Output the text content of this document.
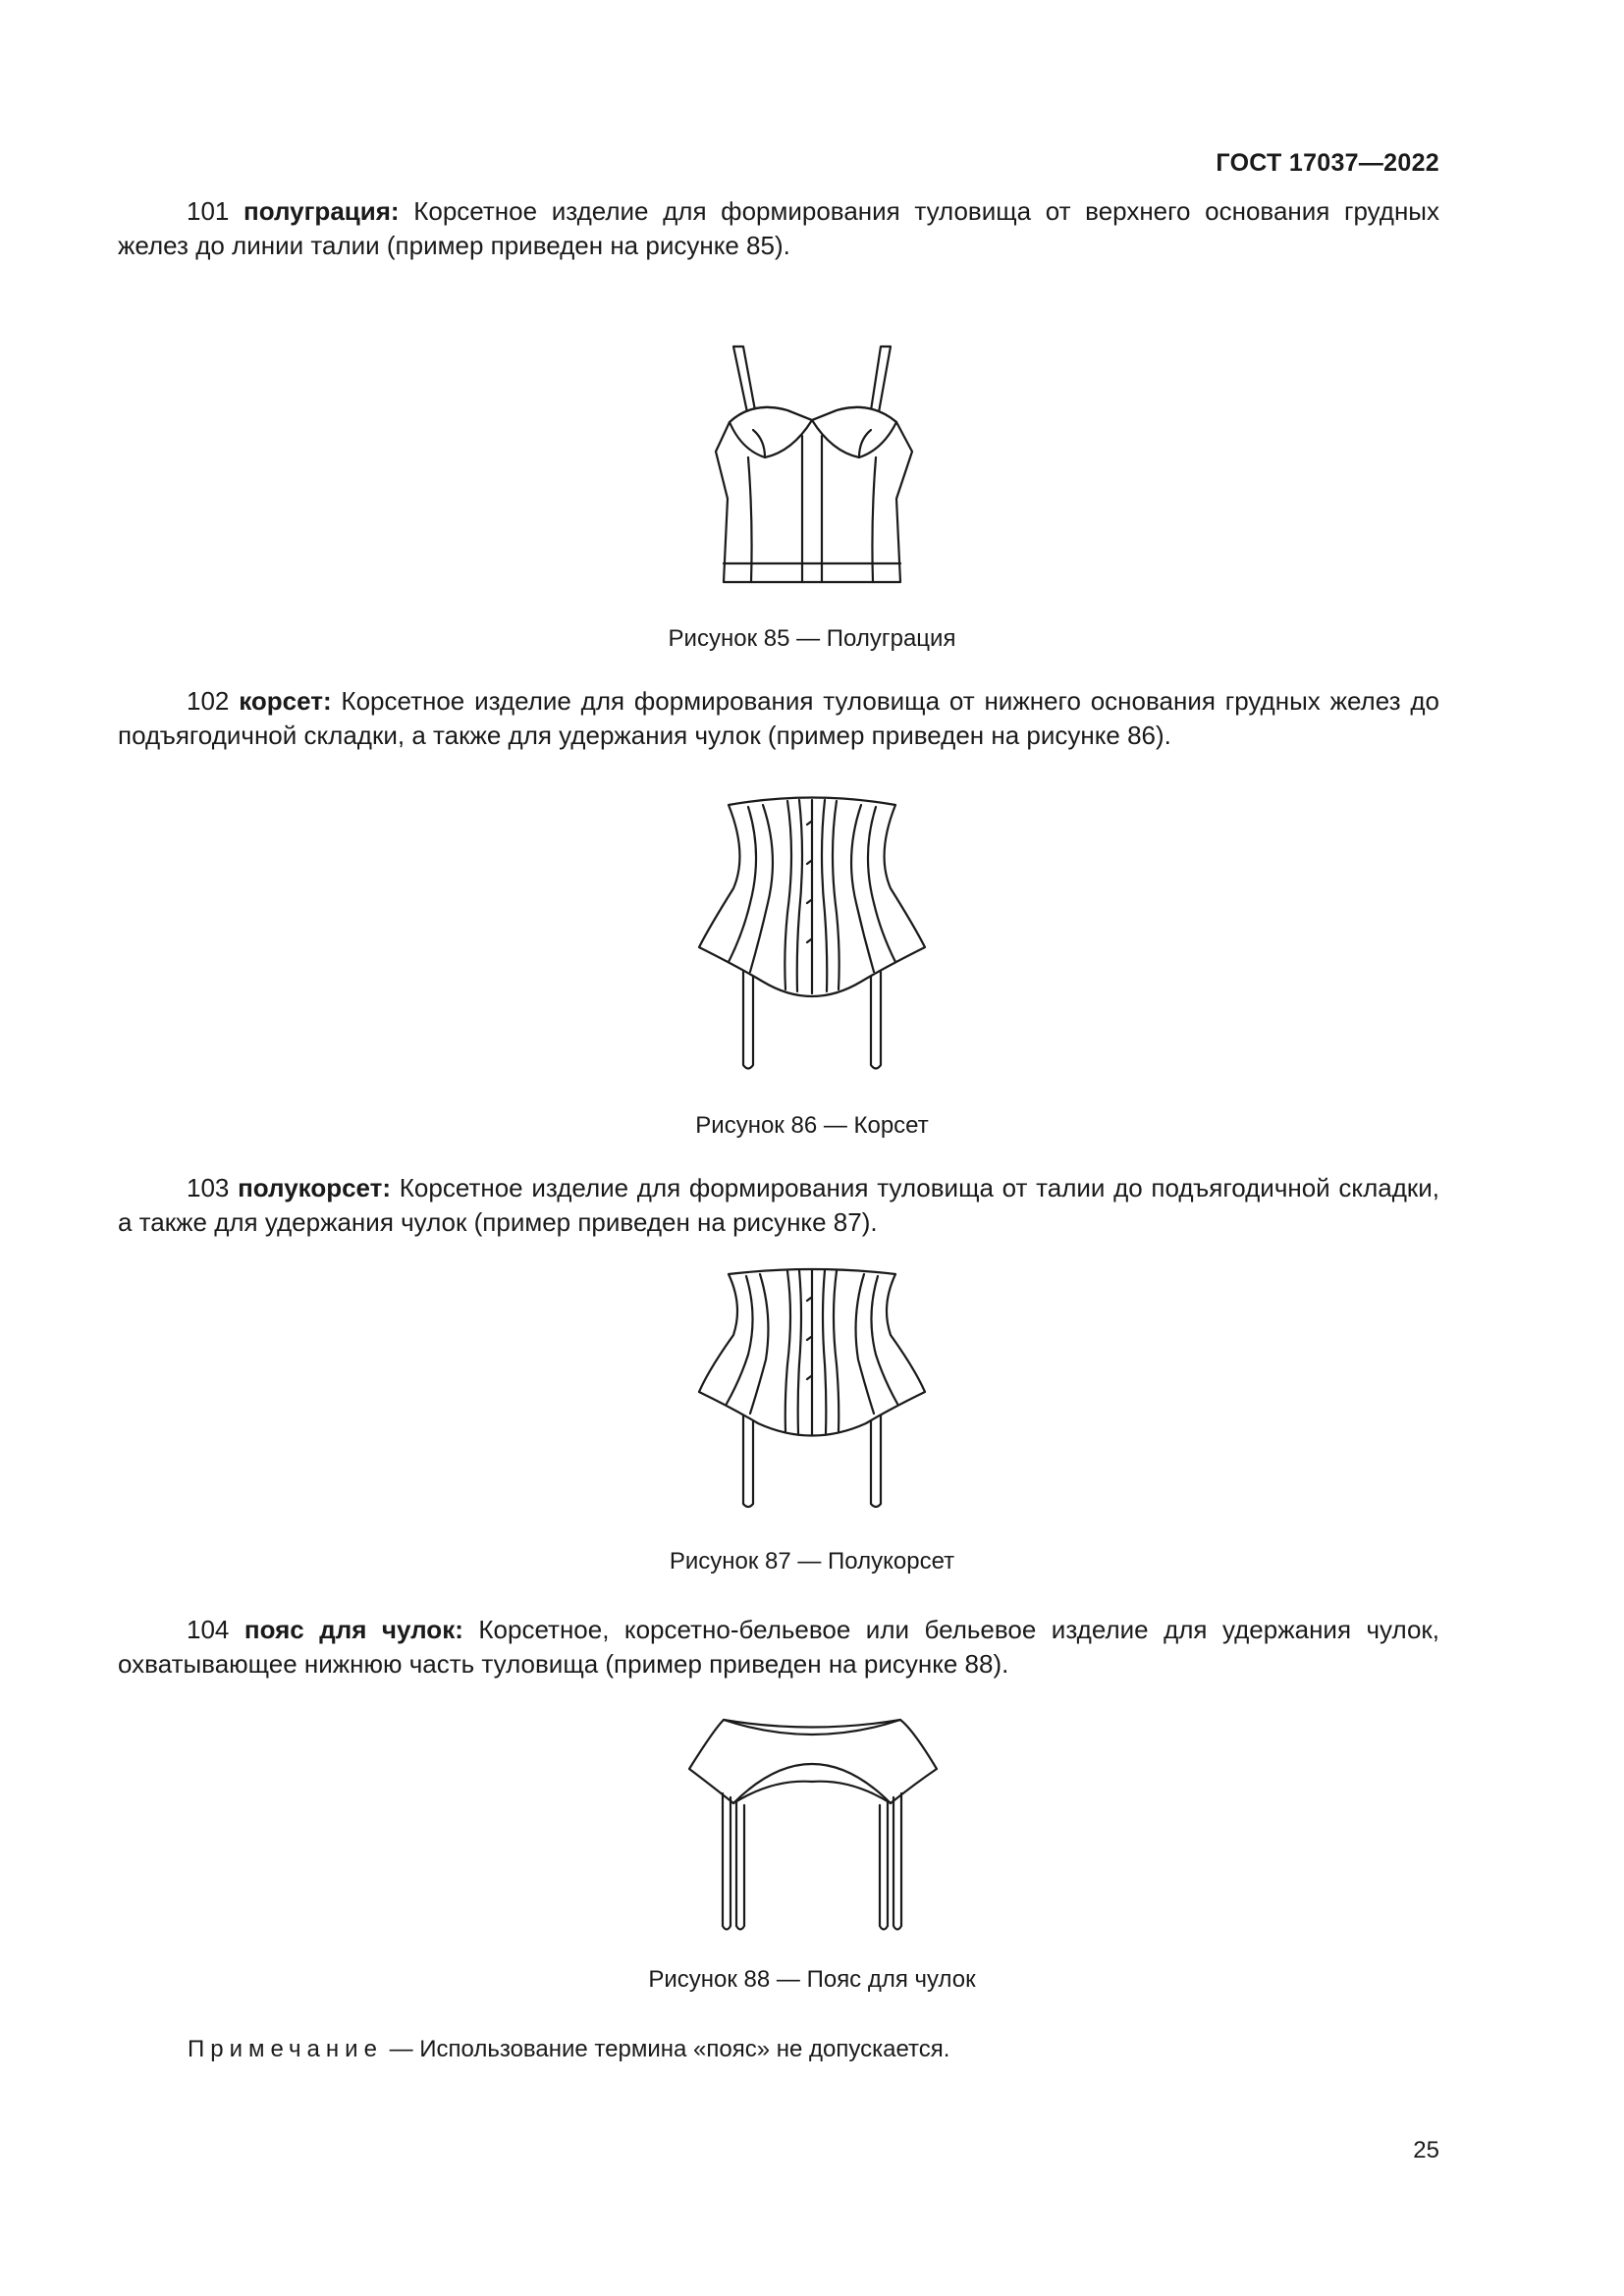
ГОСТ 17037—2022

101 полуграция: Корсетное изделие для формирования туловища от верхнего основания грудных желез до линии талии (пример приведен на рисунке 85).

Рисунок 85 — Полуграция

102 корсет: Корсетное изделие для формирования туловища от нижнего основания грудных желез до подъягодичной складки, а также для удержания чулок (пример приведен на рисунке 86).

Рисунок 86 — Корсет

103 полукорсет: Корсетное изделие для формирования туловища от талии до подъягодичной складки, а также для удержания чулок (пример приведен на рисунке 87).

Рисунок 87 — Полукорсет

104 пояс для чулок: Корсетное, корсетно-бельевое или бельевое изделие для удержания чулок, охватывающее нижнюю часть туловища (пример приведен на рисунке 88).

Рисунок 88 — Пояс для чулок
Примечание — Использование термина «пояс» не допускается.
25
